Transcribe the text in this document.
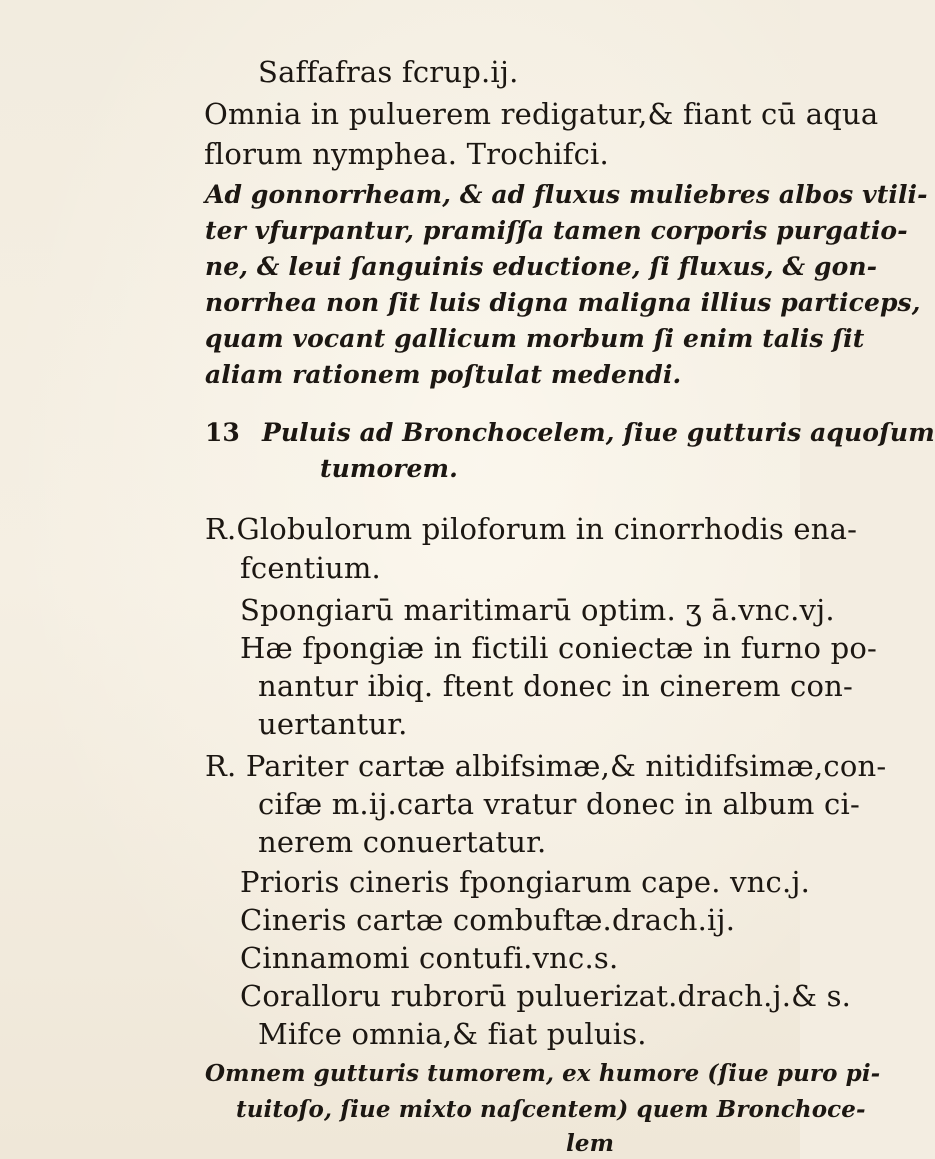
Saffafras fcrup.ij.
Omnia in puluerem redigatur,& fiant cū aqua
florum nymphea. Trochifci.
Ad gonnorrheam, & ad fluxus muliebres albos vtili-
ter vfurpantur, pramiſſa tamen corporis purgatio-
ne, & leui ſanguinis eductione, ſi fluxus, & gon-
norrhea non ſit luis digna maligna illius particeps,
quam vocant gallicum morbum ſi enim talis ſit
aliam rationem poſtulat medendi.
13 Puluis ad Bronchocelem, ſiue gutturis aquoſum
tumorem.
R.Globulorum piloforum in cinorrhodis ena-
fcentium.
Spongiarū maritimarū optim. ʒ ā.vnc.vj.
Hæ fpongiæ in fictili coniectæ in furno po-
nantur ibiq. ftent donec in cinerem con-
uertantur.
R. Pariter cartæ albifsimæ,& nitidifsimæ,con-
cifæ m.ij.carta vratur donec in album ci-
nerem conuertatur.
Prioris cineris fpongiarum cape. vnc.j.
Cineris cartæ combuftæ.drach.ij.
Cinnamomi contufi.vnc.s.
Coralloru rubrorū puluerizat.drach.j.& s.
Mifce omnia,& fiat puluis.
Omnem gutturis tumorem, ex humore (ſiue puro pi-
tuitoſo, ſiue mixto naſcentem) quem Bronchoce-
lem
